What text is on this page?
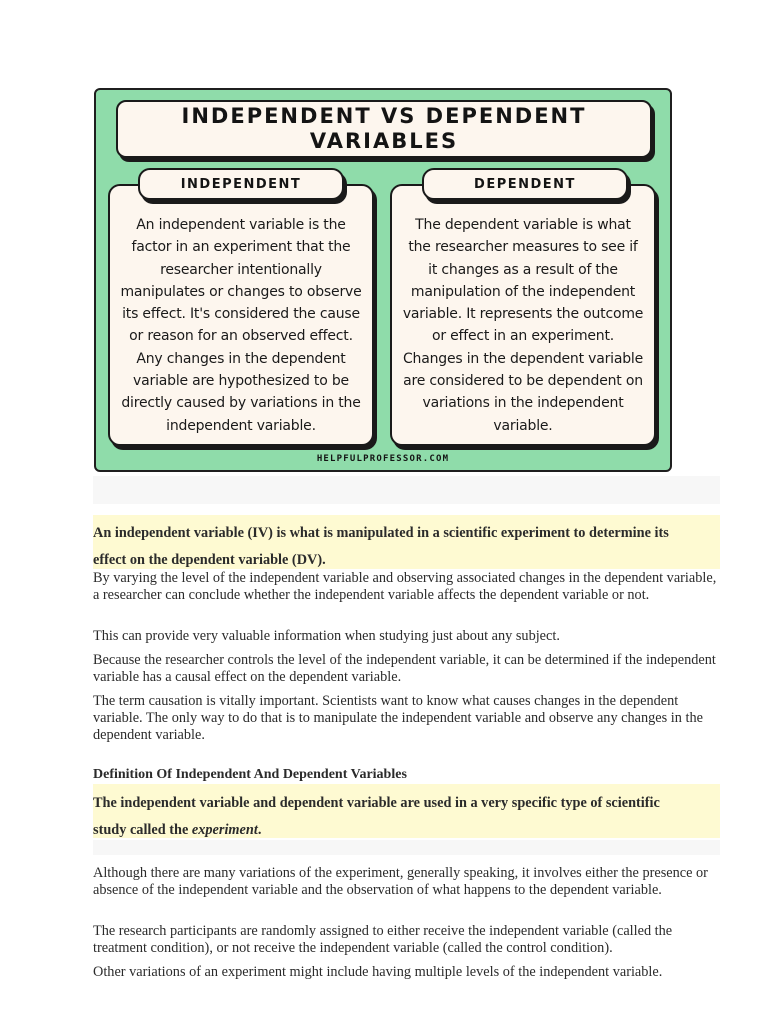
INDEPENDENT VS DEPENDENT VARIABLES
INDEPENDENT	DEPENDENT
An independent variable is the factor in an experiment that the researcher intentionally manipulates or changes to observe its effect. It's considered the cause or reason for an observed effect. Any changes in the dependent variable are hypothesized to be directly caused by variations in the independent variable.
The dependent variable is what the researcher measures to see if it changes as a result of the manipulation of the independent variable. It represents the outcome or effect in an experiment. Changes in the dependent variable are considered to be dependent on variations in the independent variable.
HELPFULPROFESSOR.COM
An independent variable (IV) is what is manipulated in a scientific experiment to determine its
effect on the dependent variable (DV).

By varying the level of the independent variable and observing associated changes in the dependent variable, a researcher can conclude whether the independent variable affects the dependent variable or not.

This can provide very valuable information when studying just about any subject.

Because the researcher controls the level of the independent variable, it can be determined if the independent variable has a causal effect on the dependent variable.

The term causation is vitally important. Scientists want to know what causes changes in the dependent variable. The only way to do that is to manipulate the independent variable and observe any changes in the dependent variable.

Definition Of Independent And Dependent Variables
The independent variable and dependent variable are used in a very specific type of scientific
study called the experiment.

Although there are many variations of the experiment, generally speaking, it involves either the presence or absence of the independent variable and the observation of what happens to the dependent variable.

The research participants are randomly assigned to either receive the independent variable (called the treatment condition), or not receive the independent variable (called the control condition).

Other variations of an experiment might include having multiple levels of the independent variable.
